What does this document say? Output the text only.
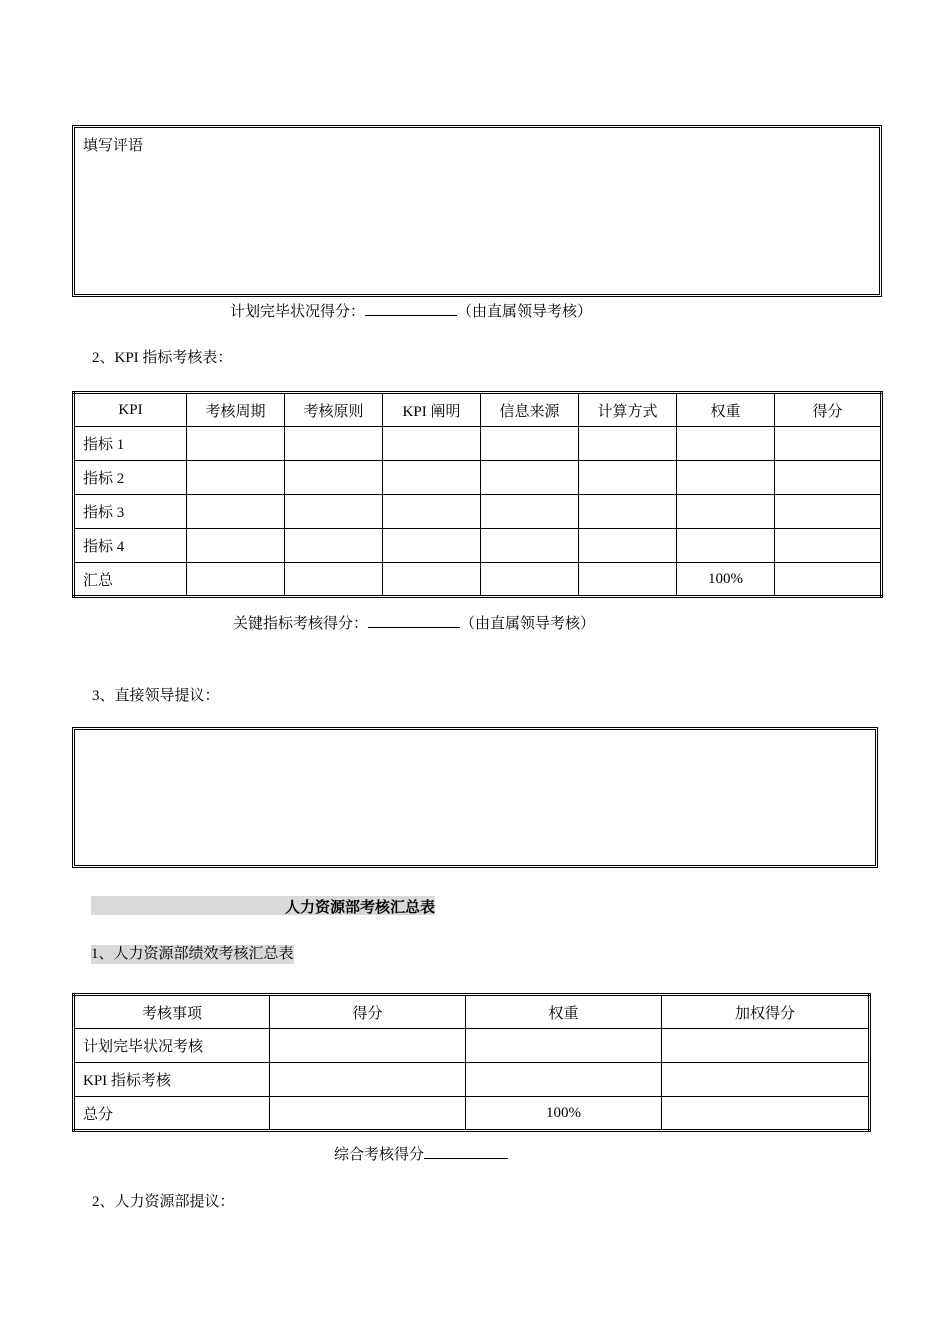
填写评语
计划完毕状况得分：	（由直属领导考核）
2、KPI 指标考核表：
KPI	考核周期	考核原则	KPI 阐明	信息来源	计算方式	权重	得分
指标 1							
指标 2							
指标 3							
指标 4							
汇总						100%	
关键指标考核得分：	（由直属领导考核）
3、直接领导提议：
人力资源部考核汇总表
1、人力资源部绩效考核汇总表
考核事项	得分	权重	加权得分
计划完毕状况考核			
KPI 指标考核			
总分		100%	
综合考核得分
2、人力资源部提议：
